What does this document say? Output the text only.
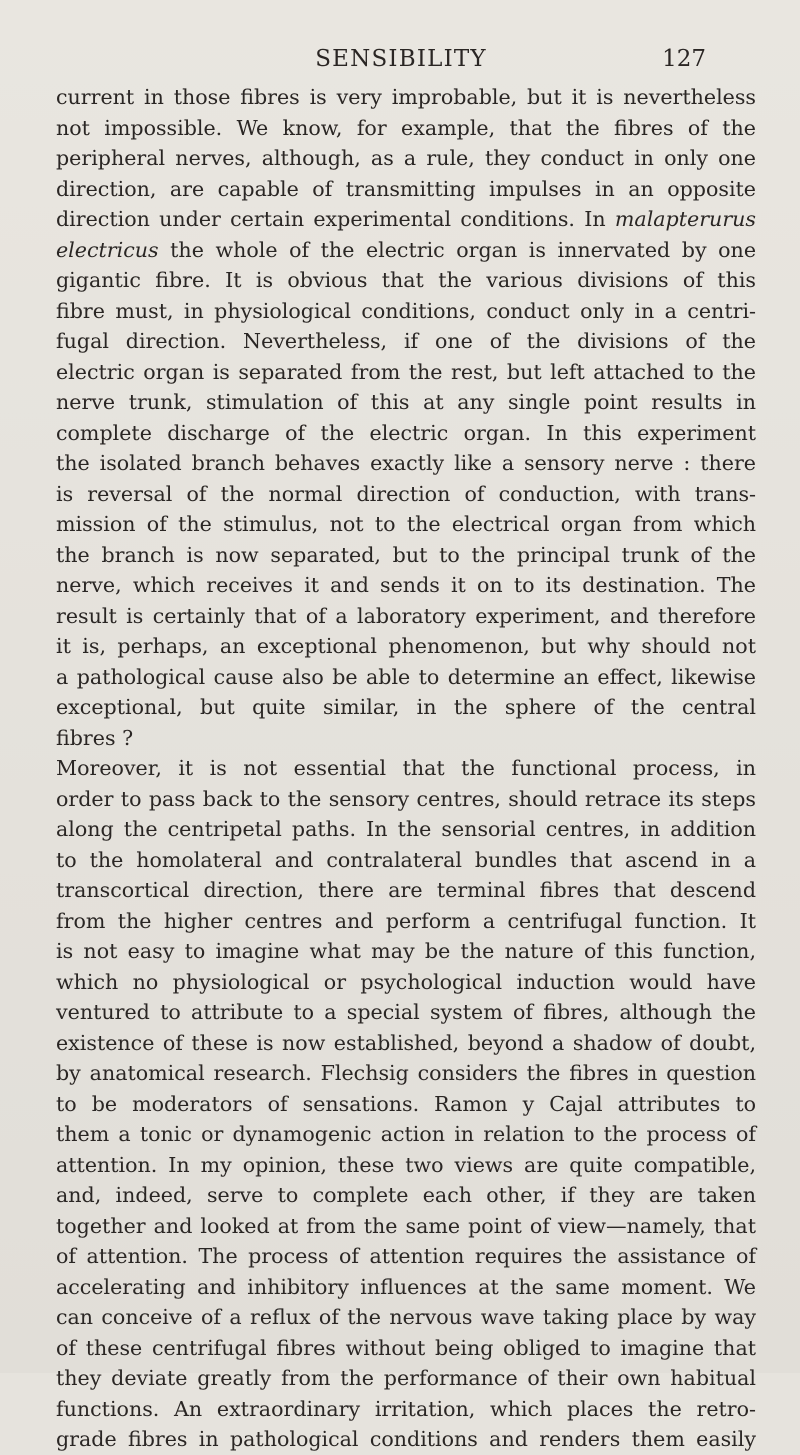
SENSIBILITY	127
current in those fibres is very improbable, but it is nevertheless
not impossible. We know, for example, that the fibres of the
peripheral nerves, although, as a rule, they conduct in only one
direction, are capable of transmitting impulses in an opposite
direction under certain experimental conditions. In malapterurus
electricus the whole of the electric organ is innervated by one
gigantic fibre. It is obvious that the various divisions of this
fibre must, in physiological conditions, conduct only in a centri-
fugal direction. Nevertheless, if one of the divisions of the
electric organ is separated from the rest, but left attached to the
nerve trunk, stimulation of this at any single point results in
complete discharge of the electric organ. In this experiment
the isolated branch behaves exactly like a sensory nerve : there
is reversal of the normal direction of conduction, with trans-
mission of the stimulus, not to the electrical organ from which
the branch is now separated, but to the principal trunk of the
nerve, which receives it and sends it on to its destination. The
result is certainly that of a laboratory experiment, and therefore
it is, perhaps, an exceptional phenomenon, but why should not
a pathological cause also be able to determine an effect, likewise
exceptional, but quite similar, in the sphere of the central
fibres ?
Moreover, it is not essential that the functional process, in
order to pass back to the sensory centres, should retrace its steps
along the centripetal paths. In the sensorial centres, in addition
to the homolateral and contralateral bundles that ascend in a
transcortical direction, there are terminal fibres that descend
from the higher centres and perform a centrifugal function. It
is not easy to imagine what may be the nature of this function,
which no physiological or psychological induction would have
ventured to attribute to a special system of fibres, although the
existence of these is now established, beyond a shadow of doubt,
by anatomical research. Flechsig considers the fibres in question
to be moderators of sensations. Ramon y Cajal attributes to
them a tonic or dynamogenic action in relation to the process of
attention. In my opinion, these two views are quite compatible,
and, indeed, serve to complete each other, if they are taken
together and looked at from the same point of view—namely, that
of attention. The process of attention requires the assistance of
accelerating and inhibitory influences at the same moment. We
can conceive of a reflux of the nervous wave taking place by way
of these centrifugal fibres without being obliged to imagine that
they deviate greatly from the performance of their own habitual
functions. An extraordinary irritation, which places the retro-
grade fibres in pathological conditions and renders them easily
